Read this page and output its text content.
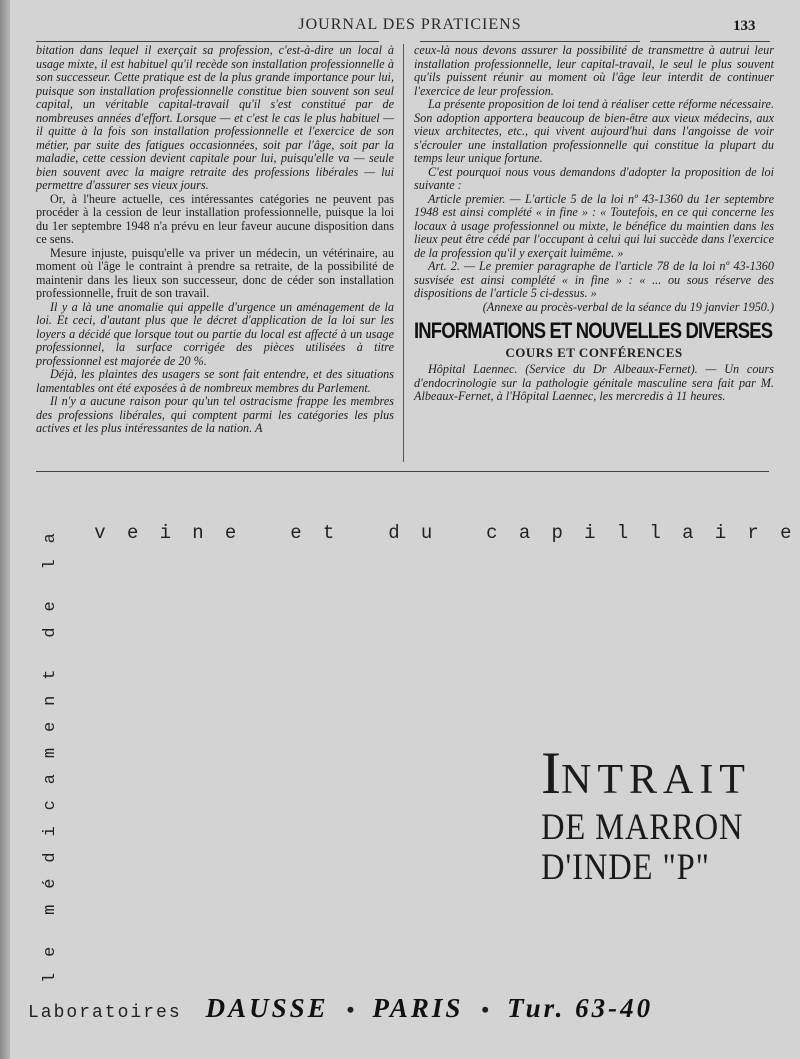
JOURNAL DES PRATICIENS	133

bitation dans lequel il exerçait sa profession, c'est-à-dire un local à usage mixte, il est habituel qu'il recède son installation professionnelle à son successeur. Cette pratique est de la plus grande importance pour lui, puisque son installation professionnelle constitue bien souvent son seul capital, un véritable capital-travail qu'il s'est constitué par de nombreuses années d'effort. Lorsque — et c'est le cas le plus habituel — il quitte à la fois son installation professionnelle et l'exercice de son métier, par suite des fatigues occasionnées, soit par l'âge, soit par la maladie, cette cession devient capitale pour lui, puisqu'elle va — seule bien souvent avec la maigre retraite des professions libérales — lui permettre d'assurer ses vieux jours.

Or, à l'heure actuelle, ces intéressantes catégories ne peuvent pas procéder à la cession de leur installation professionnelle, puisque la loi du 1er septembre 1948 n'a prévu en leur faveur aucune disposition dans ce sens.

Mesure injuste, puisqu'elle va priver un médecin, un vétérinaire, au moment où l'âge le contraint à prendre sa retraite, de la possibilité de maintenir dans les lieux son successeur, donc de céder son installation professionnelle, fruit de son travail.

Il y a là une anomalie qui appelle d'urgence un aménagement de la loi. Et ceci, d'autant plus que le décret d'application de la loi sur les loyers a décidé que lorsque tout ou partie du local est affecté à un usage professionnel, la surface corrigée des pièces utilisées à titre professionnel est majorée de 20 %.

Déjà, les plaintes des usagers se sont fait entendre, et des situations lamentables ont été exposées à de nombreux membres du Parlement.

Il n'y a aucune raison pour qu'un tel ostracisme frappe les membres des professions libérales, qui comptent parmi les catégories les plus actives et les plus intéressantes de la nation. A

ceux-là nous devons assurer la possibilité de transmettre à autrui leur installation professionnelle, leur capital-travail, le seul le plus souvent qu'ils puissent réunir au moment où l'âge leur interdit de continuer l'exercice de leur profession.

La présente proposition de loi tend à réaliser cette réforme nécessaire. Son adoption apportera beaucoup de bien-être aux vieux médecins, aux vieux architectes, etc., qui vivent aujourd'hui dans l'angoisse de voir s'écrouler une installation professionnelle qui constitue la plupart du temps leur unique fortune.

C'est pourquoi nous vous demandons d'adopter la proposition de loi suivante :

Article premier. — L'article 5 de la loi nº 43-1360 du 1er septembre 1948 est ainsi complété « in fine » : « Toutefois, en ce qui concerne les locaux à usage professionnel ou mixte, le bénéfice du maintien dans les lieux peut être cédé par l'occupant à celui qui lui succède dans l'exercice de la profession qu'il y exerçait luimême. »

Art. 2. — Le premier paragraphe de l'article 78 de la loi nº 43-1360 susvisée est ainsi complété « in fine » : « ... ou sous réserve des dispositions de l'article 5 ci-dessus. »

(Annexe au procès-verbal de la séance du 19 janvier 1950.)

INFORMATIONS ET NOUVELLES DIVERSES
COURS ET CONFÉRENCES

Hôpital Laennec. (Service du Dr Albeaux-Fernet). — Un cours d'endocrinologie sur la pathologie génitale masculine sera fait par M. Albeaux-Fernet, à l'Hôpital Laennec, les mercredis à 11 heures.

v	e	i	n	e	e	t	d	u	c	a	p	i	l	l	a	i	r	e
l
e
m
é
d
i
c
a
m
e
n
t
d
e
l
a
INTRAIT
DE MARRON
D'INDE "P"
Laboratoires DAUSSE • PARIS • Tur. 63-40
